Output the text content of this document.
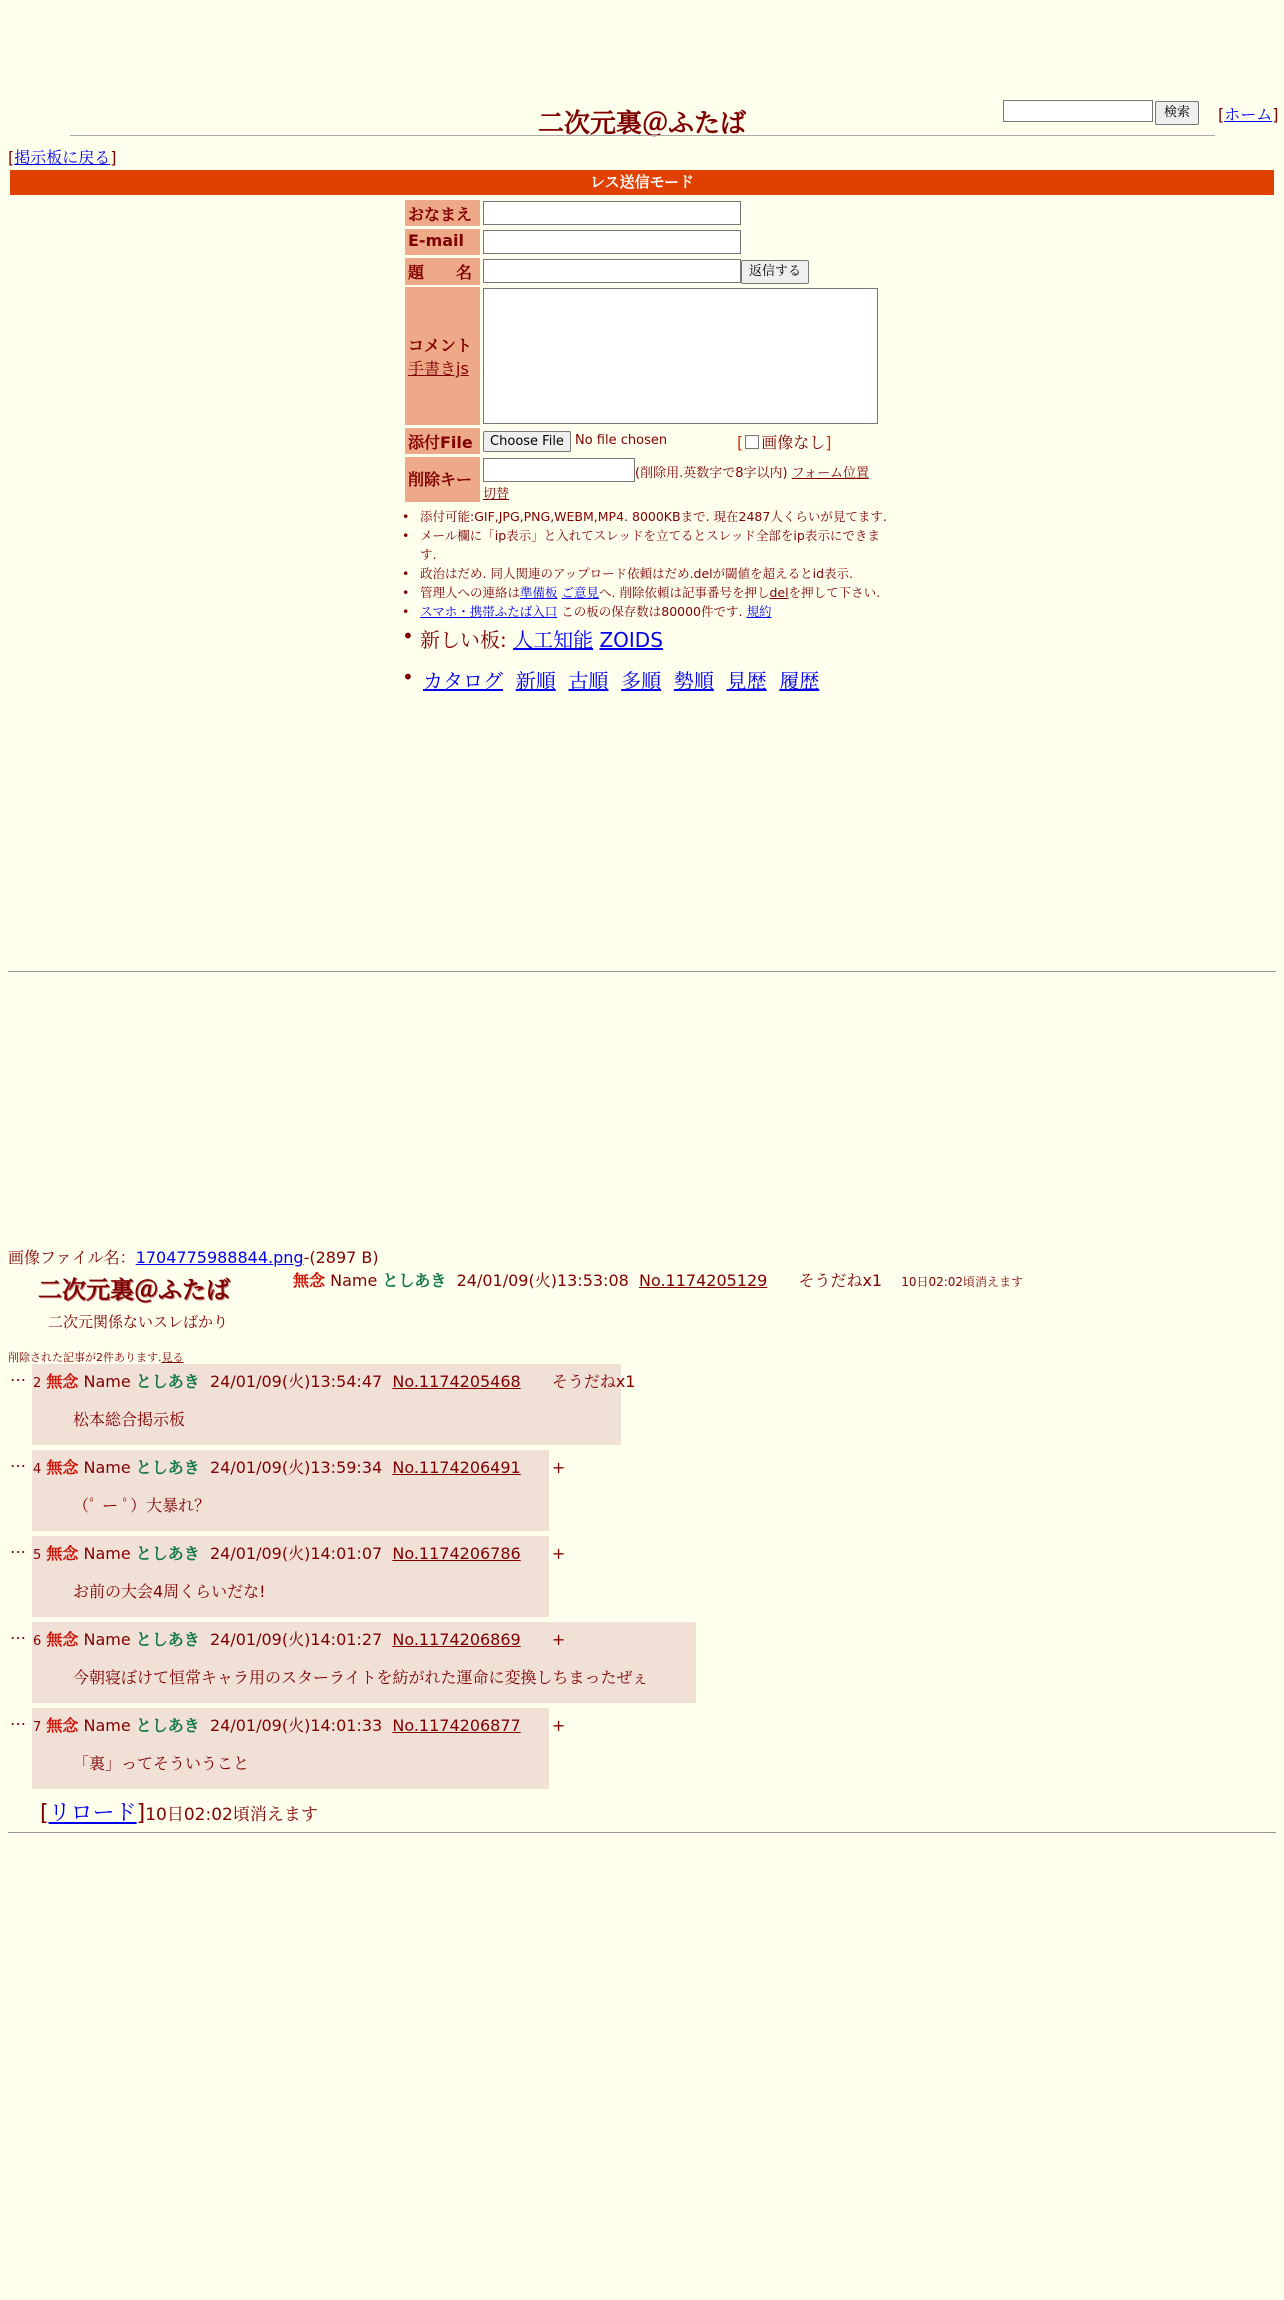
検索	[ホーム]
二次元裏＠ふたば
[掲示板に戻る]
レス送信モード
おなまえ
E-mail
題　　名	返信する
コメント
手書きjs
添付File	Choose File No file chosen	[ 画像なし]
削除キー	(削除用.英数字で8字以内) フォーム位置
切替
• 添付可能:GIF,JPG,PNG,WEBM,MP4. 8000KBまで. 現在2487人くらいが見てます.
• メール欄に「ip表示」と入れてスレッドを立てるとスレッド全部をip表示にできま
す.
• 政治はだめ. 同人関連のアップロード依頼はだめ.delが閾値を超えるとid表示.
• 管理人への連絡は準備板 ご意見へ. 削除依頼は記事番号を押しdelを押して下さい.
• スマホ・携帯ふたば入口 この板の保存数は80000件です. 規約
• 新しい板: 人工知能 ZOIDS
• カタログ 新順 古順 多順 勢順 見歴 履歴
画像ファイル名：1704775988844.png-(2897 B)
二次元裏＠ふたば
二次元関係ないスレばかり
無念 Name としあき 24/01/09(火)13:53:08 No.1174205129 そうだねx1 10日02:02頃消えます
削除された記事が2件あります.見る
… 2 無念 Name としあき 24/01/09(火)13:54:47 No.1174205468 そうだねx1
松本総合掲示板
… 4 無念 Name としあき 24/01/09(火)13:59:34 No.1174206491 +
（ﾟ ー ﾟ）大暴れ？
… 5 無念 Name としあき 24/01/09(火)14:01:07 No.1174206786 +
お前の大会4周くらいだな!
… 6 無念 Name としあき 24/01/09(火)14:01:27 No.1174206869 +
今朝寝ぼけて恒常キャラ用のスターライトを紡がれた運命に変換しちまったぜぇ
… 7 無念 Name としあき 24/01/09(火)14:01:33 No.1174206877 +
「裏」ってそういうこと
[リロード]10日02:02頃消えます
